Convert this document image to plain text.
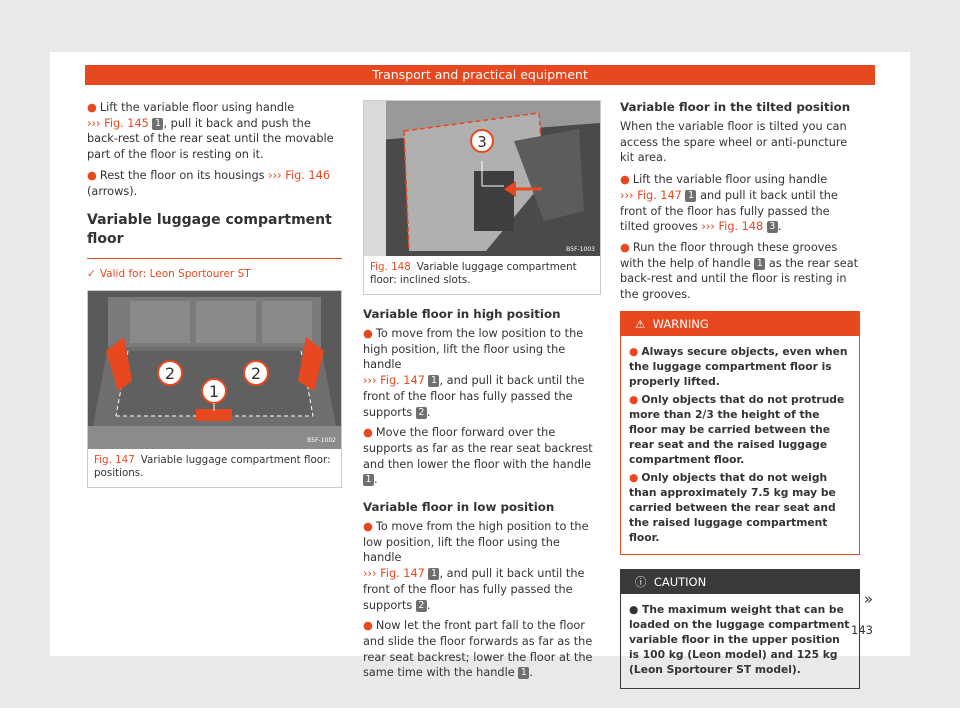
Transport and practical equipment
● Lift the variable floor using handle
››› Fig. 145 1 , pull it back and push the back-rest of the rear seat until the movable part of the floor is resting on it.
● Rest the floor on its housings ››› Fig. 146
(arrows).
Variable luggage compartment floor
✓ Valid for: Leon Sportourer ST
2	2
1
B5F-1002
Fig. 147 Variable luggage compartment floor: positions.
3
B5F-1003
Fig. 148 Variable luggage compartment floor: inclined slots.
Variable floor in high position
● To move from the low position to the high position, lift the floor using the handle
››› Fig. 147 1 , and pull it back until the front of the floor has fully passed the supports 2 .
● Move the floor forward over the supports as far as the rear seat backrest and then lower the floor with the handle 1 .
Variable floor in low position
● To move from the high position to the low position, lift the floor using the handle
››› Fig. 147 1 , and pull it back until the front of the floor has fully passed the supports 2 .
● Now let the front part fall to the floor and slide the floor forwards as far as the rear seat backrest; lower the floor at the same time with the handle 1 .
Variable floor in the tilted position

When the variable floor is tilted you can access the spare wheel or anti-puncture kit area.

● Lift the variable floor using handle
››› Fig. 147 1 and pull it back until the front of the floor has fully passed the tilted grooves ››› Fig. 148 3 .
● Run the floor through these grooves with the help of handle 1 as the rear seat back-rest and until the floor is resting in the grooves.
⚠ WARNING
● Always secure objects, even when the luggage compartment floor is properly lifted.
● Only objects that do not protrude more than 2/3 the height of the floor may be carried between the rear seat and the raised luggage compartment floor.
● Only objects that do not weigh than approximately 7.5 kg may be carried between the rear seat and the raised luggage compartment floor.
ⓘ CAUTION
● The maximum weight that can be loaded on the luggage compartment variable floor in the upper position is 100 kg (Leon model) and 125 kg (Leon Sportourer ST model).
»
143
